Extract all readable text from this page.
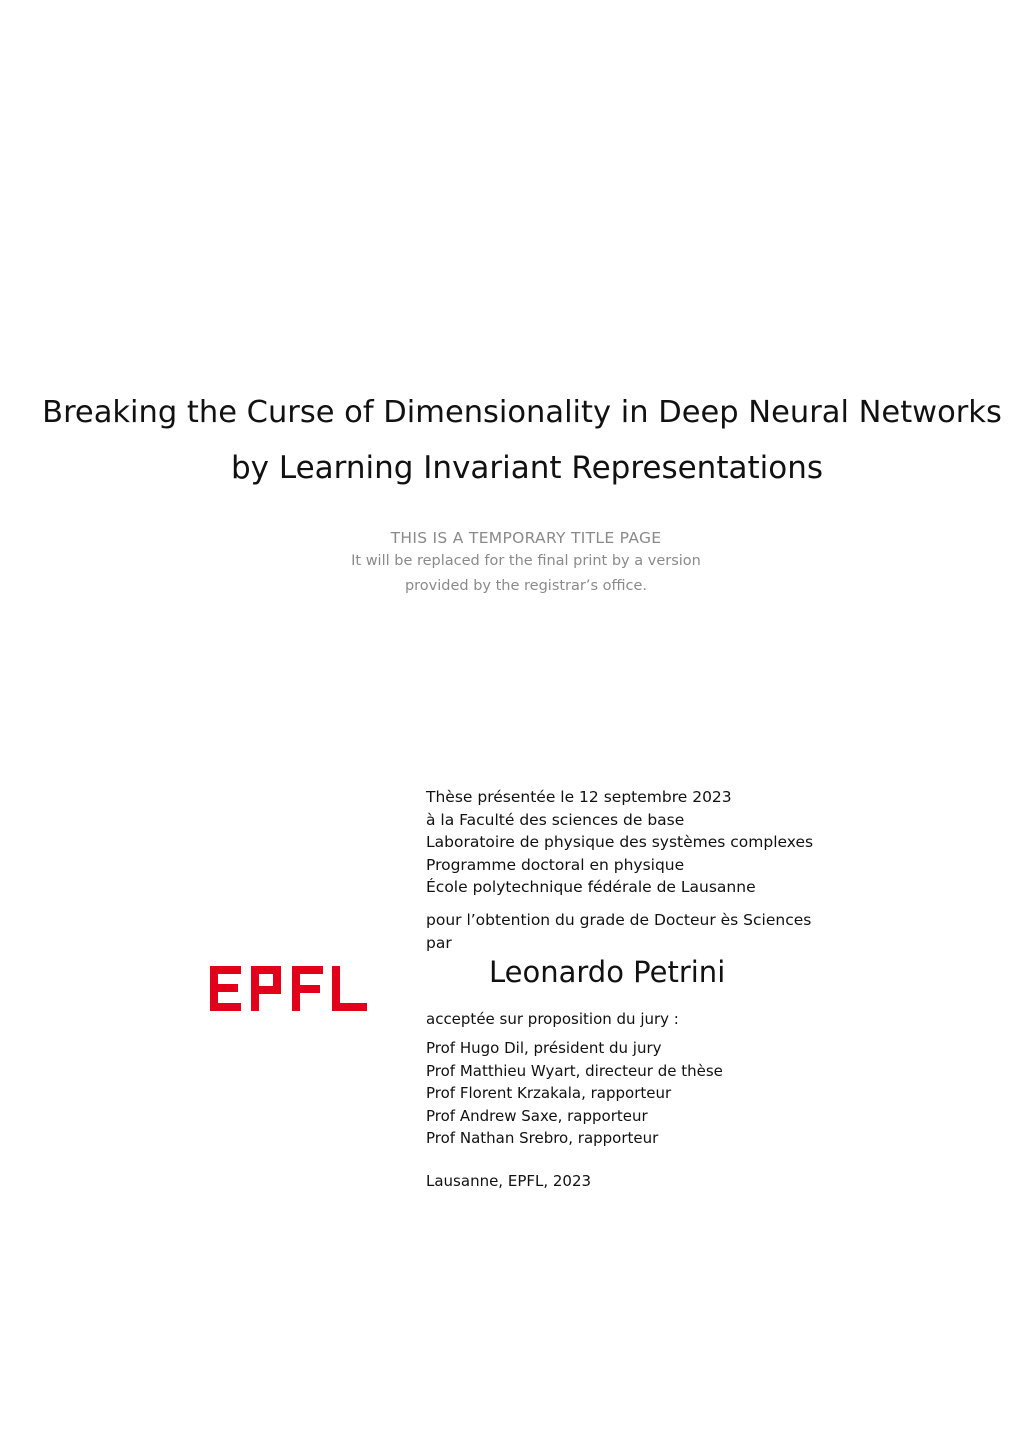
Breaking the Curse of Dimensionality in Deep Neural Networks
by Learning Invariant Representations
THIS IS A TEMPORARY TITLE PAGE
It will be replaced for the final print by a version
provided by the registrar’s office.
Thèse présentée le 12 septembre 2023
à la Faculté des sciences de base
Laboratoire de physique des systèmes complexes
Programme doctoral en physique
École polytechnique fédérale de Lausanne
pour l’obtention du grade de Docteur ès Sciences
par
Leonardo Petrini
acceptée sur proposition du jury :
Prof Hugo Dil, président du jury
Prof Matthieu Wyart, directeur de thèse
Prof Florent Krzakala, rapporteur
Prof Andrew Saxe, rapporteur
Prof Nathan Srebro, rapporteur
Lausanne, EPFL, 2023
